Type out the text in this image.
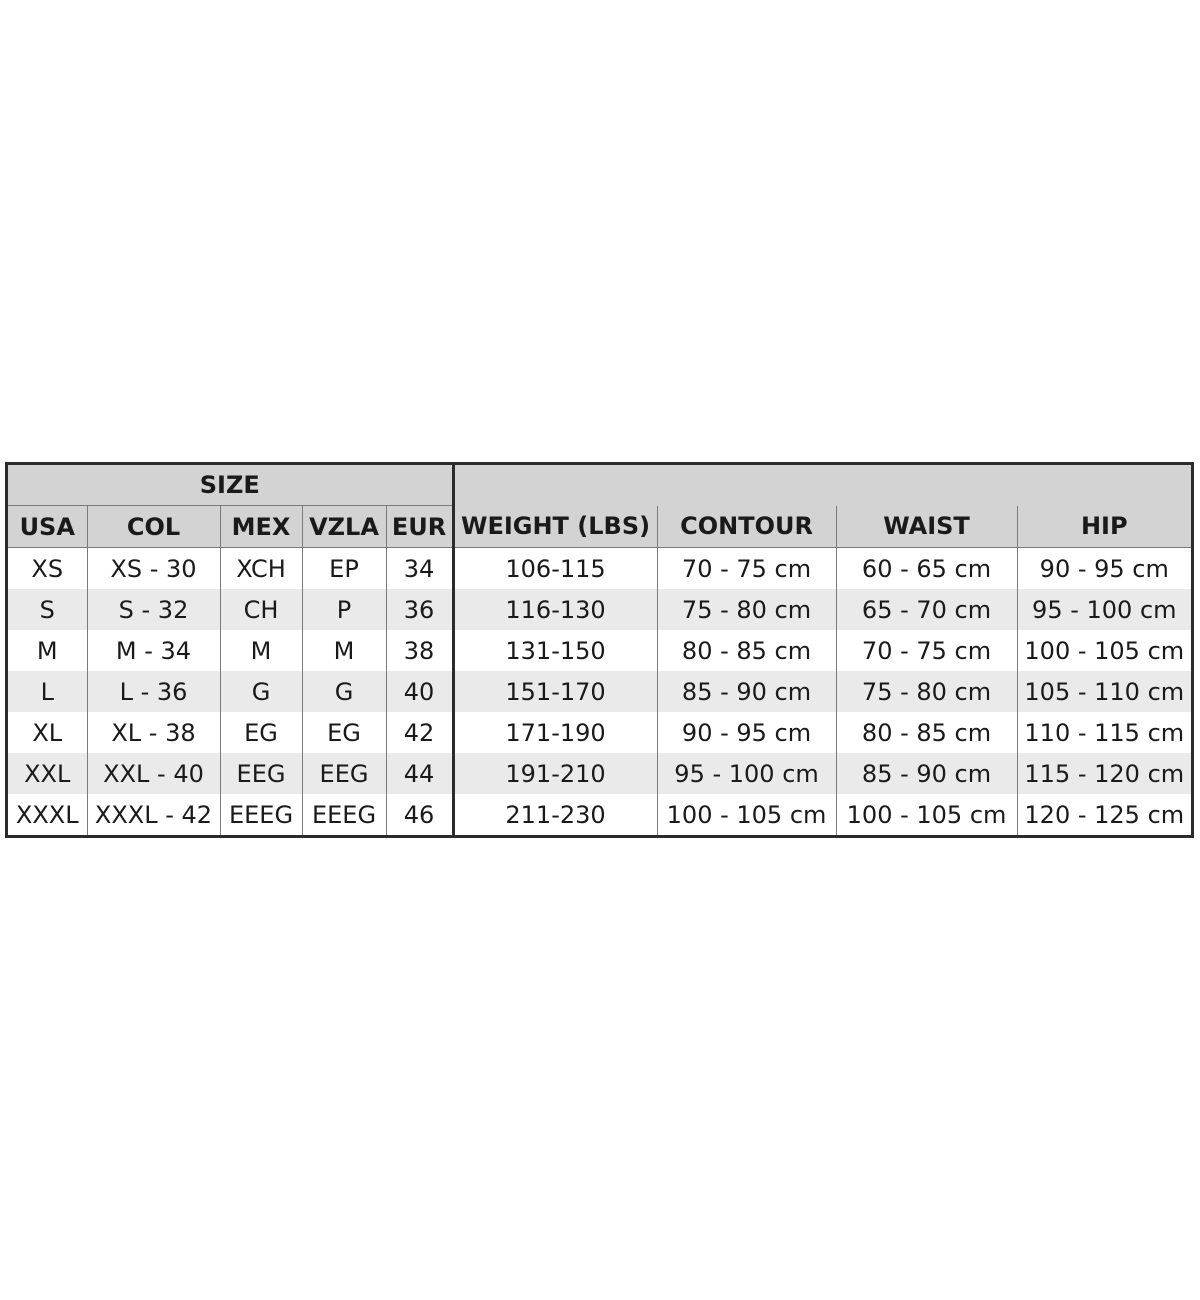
SIZE								
USA	COL	MEX	VZLA	EUR	WEIGHT (LBS)	CONTOUR	WAIST	HIP
XS	XS - 30	XCH	EP	34	106-115	70 - 75 cm	60 - 65 cm	90 - 95 cm
S	S - 32	CH	P	36	116-130	75 - 80 cm	65 - 70 cm	95 - 100 cm
M	M - 34	M	M	38	131-150	80 - 85 cm	70 - 75 cm	100 - 105 cm
L	L - 36	G	G	40	151-170	85 - 90 cm	75 - 80 cm	105 - 110 cm
XL	XL - 38	EG	EG	42	171-190	90 - 95 cm	80 - 85 cm	110 - 115 cm
XXL	XXL - 40	EEG	EEG	44	191-210	95 - 100 cm	85 - 90 cm	115 - 120 cm
XXXL	XXXL - 42	EEEG	EEEG	46	211-230	100 - 105 cm	100 - 105 cm	120 - 125 cm
